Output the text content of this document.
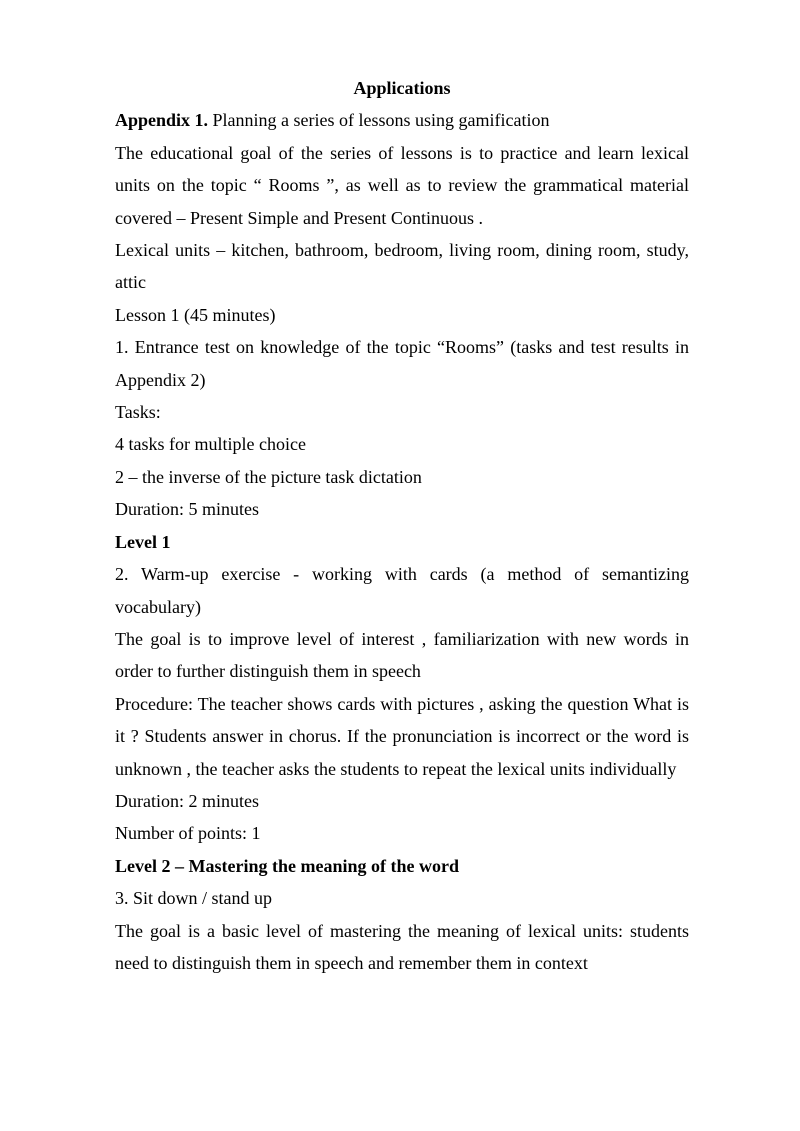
Applications

Appendix 1. Planning a series of lessons using gamification

The educational goal of the series of lessons is to practice and learn lexical units on the topic “ Rooms ”, as well as to review the grammatical material covered – Present Simple and Present Continuous .

Lexical units – kitchen, bathroom, bedroom, living room, dining room, study, attic

Lesson 1 (45 minutes)

1. Entrance test on knowledge of the topic “Rooms” (tasks and test results in Appendix 2)

Tasks:

4 tasks for multiple choice

2 – the inverse of the picture task dictation

Duration: 5 minutes

Level 1

2. Warm-up exercise - working with cards (a method of semantizing vocabulary)

The goal is to improve level of interest , familiarization with new words in order to further distinguish them in speech

Procedure: The teacher shows cards with pictures , asking the question What is it ? Students answer in chorus. If the pronunciation is incorrect or the word is unknown , the teacher asks the students to repeat the lexical units individually

Duration: 2 minutes

Number of points: 1

Level 2 – Mastering the meaning of the word

3. Sit down / stand up

The goal is a basic level of mastering the meaning of lexical units: students need to distinguish them in speech and remember them in context
